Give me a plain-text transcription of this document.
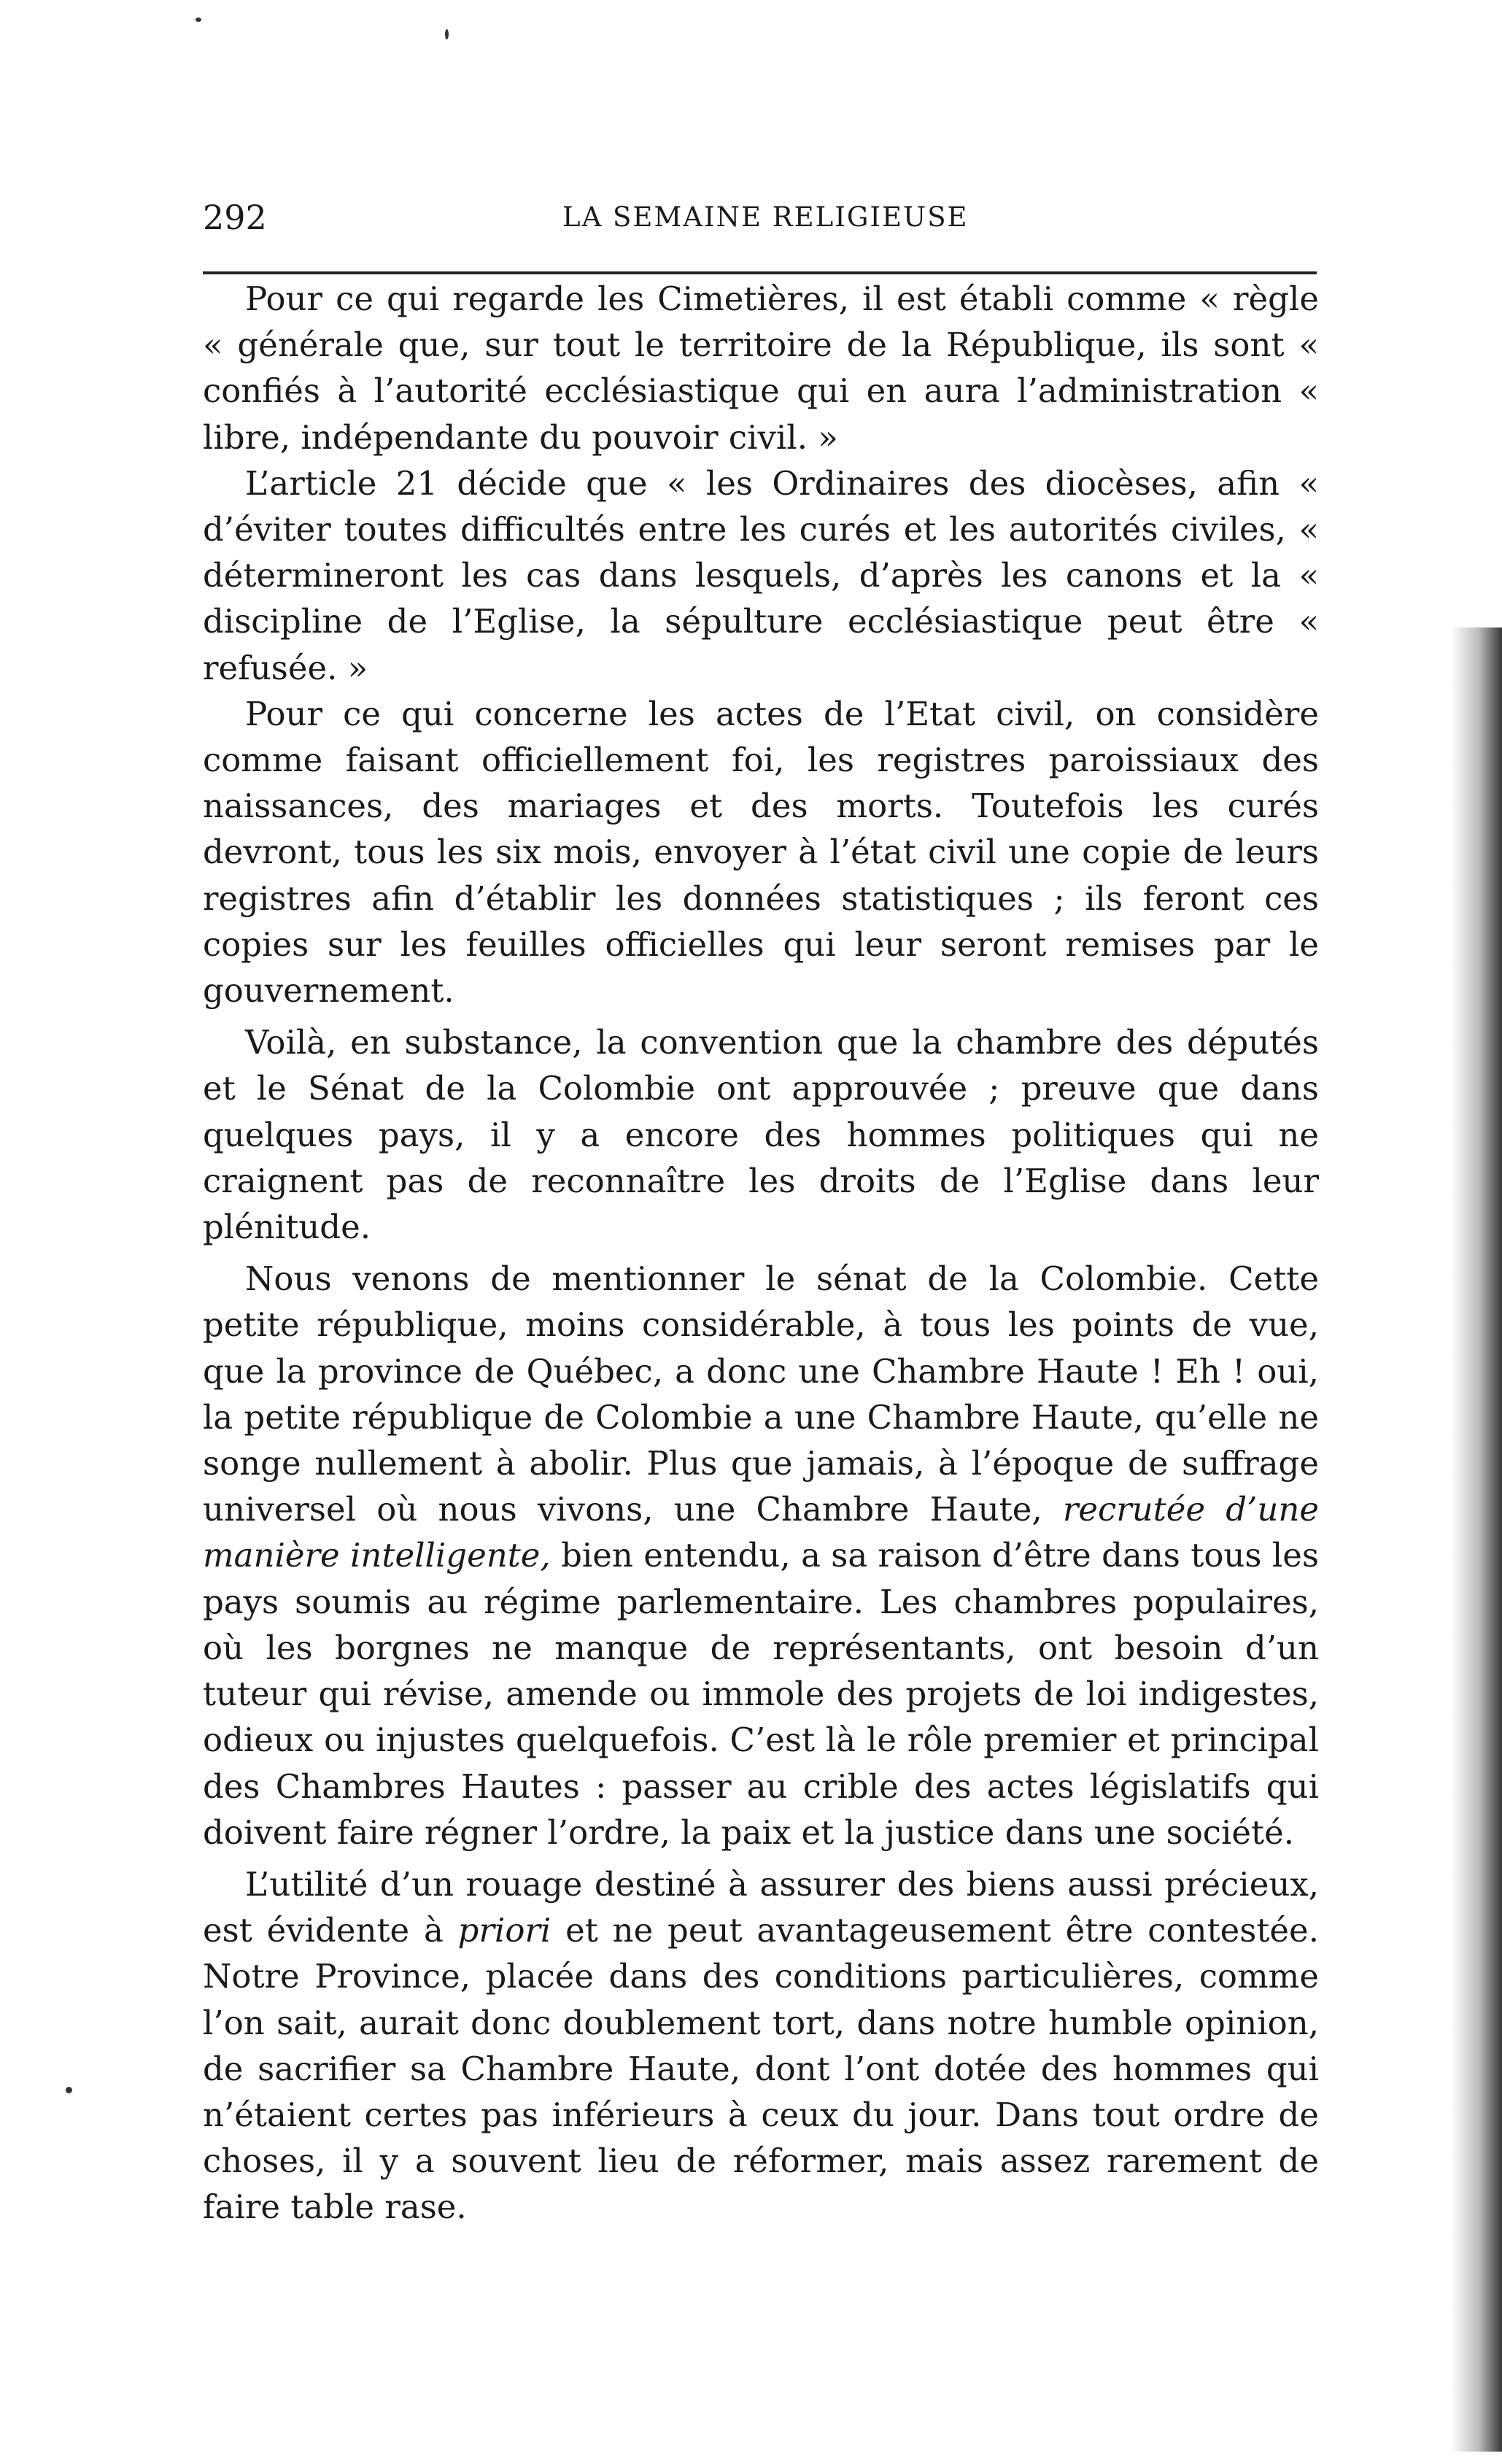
292	LA SEMAINE RELIGIEUSE

Pour ce qui regarde les Cimetières, il est établi comme « règle « générale que, sur tout le territoire de la République, ils sont « confiés à l’autorité ecclésiastique qui en aura l’administration « libre, indépendante du pouvoir civil. »

L’article 21 décide que « les Ordinaires des diocèses, afin « d’éviter toutes difficultés entre les curés et les autorités civiles, « détermineront les cas dans lesquels, d’après les canons et la « discipline de l’Eglise, la sépulture ecclésiastique peut être « refusée. »

Pour ce qui concerne les actes de l’Etat civil, on considère comme faisant officiellement foi, les registres paroissiaux des naissances, des mariages et des morts. Toutefois les curés devront, tous les six mois, envoyer à l’état civil une copie de leurs registres afin d’établir les données statistiques ; ils feront ces copies sur les feuilles officielles qui leur seront remises par le gouvernement.

Voilà, en substance, la convention que la chambre des députés et le Sénat de la Colombie ont approuvée ; preuve que dans quelques pays, il y a encore des hommes politiques qui ne craignent pas de reconnaître les droits de l’Eglise dans leur plénitude.

Nous venons de mentionner le sénat de la Colombie. Cette petite république, moins considérable, à tous les points de vue, que la province de Québec, a donc une Chambre Haute ! Eh ! oui, la petite république de Colombie a une Chambre Haute, qu’elle ne songe nullement à abolir. Plus que jamais, à l’époque de suffrage universel où nous vivons, une Chambre Haute, recrutée d’une manière intelligente, bien entendu, a sa raison d’être dans tous les pays soumis au régime parlementaire. Les chambres populaires, où les borgnes ne manque de représentants, ont besoin d’un tuteur qui révise, amende ou immole des projets de loi indigestes, odieux ou injustes quelquefois. C’est là le rôle premier et principal des Chambres Hautes : passer au crible des actes législatifs qui doivent faire régner l’ordre, la paix et la justice dans une société.

L’utilité d’un rouage destiné à assurer des biens aussi précieux, est évidente à priori et ne peut avantageusement être contestée. Notre Province, placée dans des conditions particulières, comme l’on sait, aurait donc doublement tort, dans notre humble opinion, de sacrifier sa Chambre Haute, dont l’ont dotée des hommes qui n’étaient certes pas inférieurs à ceux du jour. Dans tout ordre de choses, il y a souvent lieu de réformer, mais assez rarement de faire table rase.
